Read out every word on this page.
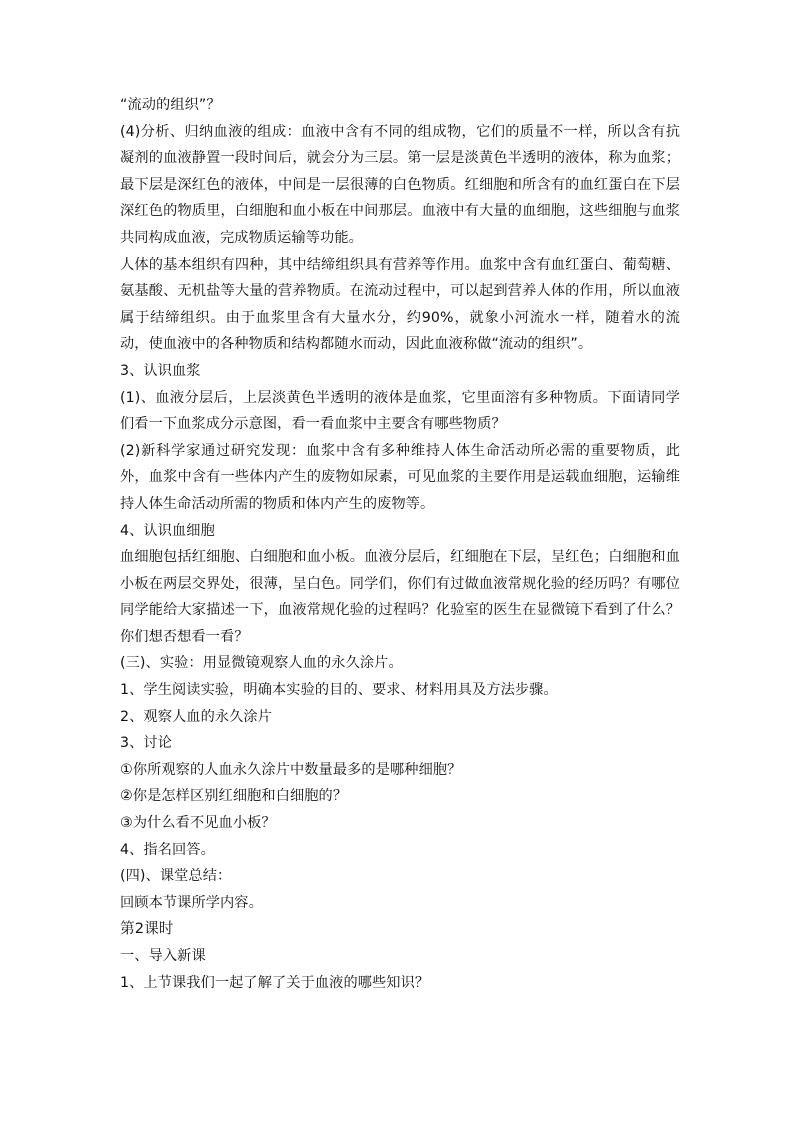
“流动的组织”？

(4)分析、归纳血液的组成：血液中含有不同的组成物，它们的质量不一样，所以含有抗凝剂的血液静置一段时间后，就会分为三层。第一层是淡黄色半透明的液体，称为血浆；最下层是深红色的液体，中间是一层很薄的白色物质。红细胞和所含有的血红蛋白在下层深红色的物质里，白细胞和血小板在中间那层。血液中有大量的血细胞，这些细胞与血浆共同构成血液，完成物质运输等功能。

人体的基本组织有四种，其中结缔组织具有营养等作用。血浆中含有血红蛋白、葡萄糖、氨基酸、无机盐等大量的营养物质。在流动过程中，可以起到营养人体的作用，所以血液属于结缔组织。由于血浆里含有大量水分，约90%，就象小河流水一样，随着水的流动，使血液中的各种物质和结构都随水而动，因此血液称做“流动的组织”。

3、认识血浆

(1)、血液分层后，上层淡黄色半透明的液体是血浆，它里面溶有多种物质。下面请同学们看一下血浆成分示意图，看一看血浆中主要含有哪些物质？

(2)新科学家通过研究发现：血浆中含有多种维持人体生命活动所必需的重要物质，此外，血浆中含有一些体内产生的废物如尿素，可见血浆的主要作用是运载血细胞，运输维持人体生命活动所需的物质和体内产生的废物等。

4、认识血细胞

血细胞包括红细胞、白细胞和血小板。血液分层后，红细胞在下层，呈红色；白细胞和血小板在两层交界处，很薄，呈白色。同学们，你们有过做血液常规化验的经历吗？有哪位同学能给大家描述一下，血液常规化验的过程吗？化验室的医生在显微镜下看到了什么？你们想否想看一看？

(三)、实验：用显微镜观察人血的永久涂片。

1、学生阅读实验，明确本实验的目的、要求、材料用具及方法步骤。

2、观察人血的永久涂片

3、讨论

①你所观察的人血永久涂片中数量最多的是哪种细胞？

②你是怎样区别红细胞和白细胞的？

③为什么看不见血小板？

4、指名回答。

(四)、课堂总结：

回顾本节课所学内容。

第2课时

一、导入新课

1、上节课我们一起了解了关于血液的哪些知识？
